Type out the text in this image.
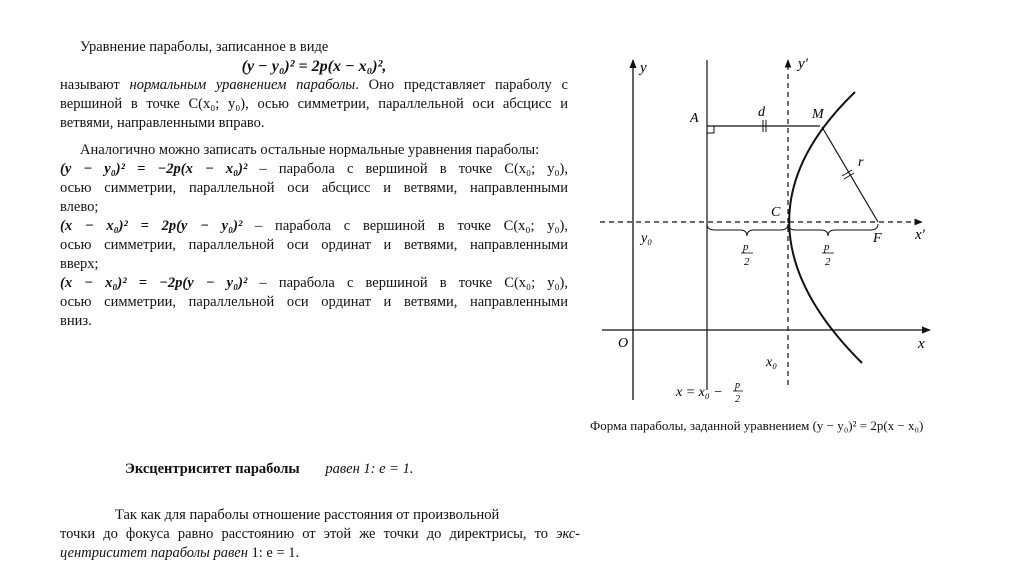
Уравнение параболы, записанное в виде
(y − y₀)² = 2p(x − x₀)²,
называют нормальным уравнением параболы. Оно представляет параболу с
вершиной в точке C(x₀; y₀), осью симметрии, параллельной оси абсцисс и
ветвями, направленными вправо.
Аналогично можно записать остальные нормальные уравнения параболы:
(y − y₀)² = −2p(x − x₀)² – парабола с вершиной в точке C(x₀; y₀),
осью симметрии, параллельной оси абсцисс и ветвями, направленными
влево;
(x − x₀)² = 2p(y − y₀)² – парабола с вершиной в точке C(x₀; y₀),
осью симметрии, параллельной оси ординат и ветвями, направленными
вверх;
(x − x₀)² = −2p(y − y₀)² – парабола с вершиной в точке C(x₀; y₀),
осью симметрии, параллельной оси ординат и ветвями, направленными
вниз.
y	y′
x
x′
A	M
d
r
C
F
O
y₀
x₀
p
2
p
2
x = x₀ − p
2
Форма параболы, заданной уравнением (y − y₀)² = 2p(x − x₀)
Эксцентриситет параболы равен 1: e = 1.
Так как для параболы отношение расстояния от произвольной
точки до фокуса равно расстоянию от этой же точки до директрисы, то экс-
центриситет параболы равен 1: e = 1.
